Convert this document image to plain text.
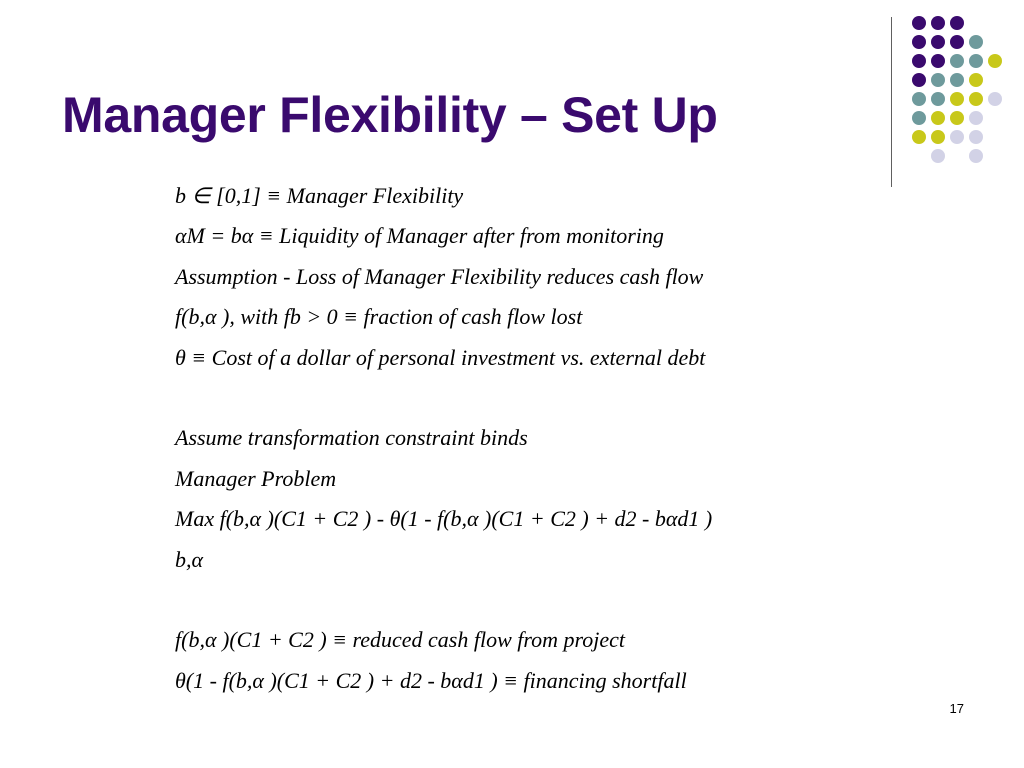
Manager Flexibility – Set Up
b ∈ [0,1] ≡ Manager Flexibility
αM = bα ≡ Liquidity of Manager after from monitoring
Assumption - Loss of Manager Flexibility reduces cash flow
f(b,α ), with fb > 0 ≡ fraction of cash flow lost
θ ≡ Cost of a dollar of personal investment vs. external debt
Assume transformation constraint binds
Manager Problem
Max f(b,α )(C1 + C2 ) - θ(1 - f(b,α )(C1 + C2 ) + d2 - bαd1 )
b,α
f(b,α )(C1 + C2 ) ≡ reduced cash flow from project
θ(1 - f(b,α )(C1 + C2 ) + d2 - bαd1 ) ≡ financing shortfall
17
